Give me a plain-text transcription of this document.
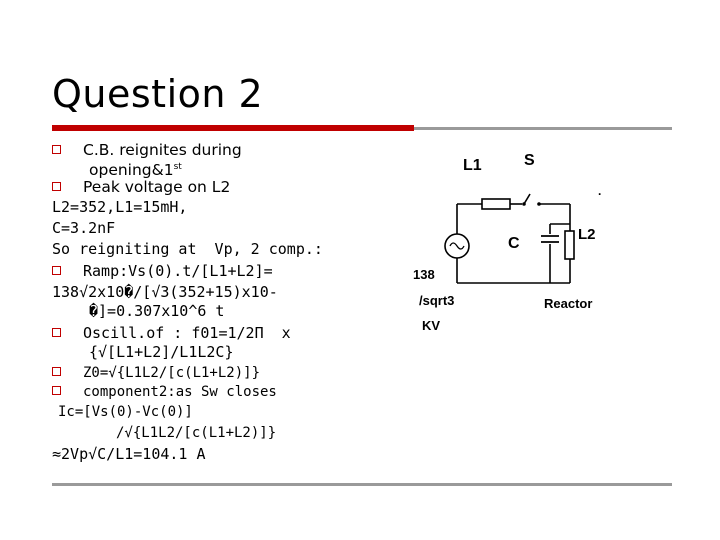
Question 2
C.B. reignites during
opening&1st
Peak voltage on L2
L2=352,L1=15mH,
C=3.2nF
So reigniting at  Vp, 2 comp.:
Ramp:Vs(0).t/[L1+L2]=
138√2x10�/[√3(352+15)x10-
�]=0.307x10^6 t
Oscill.of : f01=1/2Π  x
{√[L1+L2]/L1L2C}
Z0=√{L1L2/[c(L1+L2)]}
component2:as Sw closes
Ic=[Vs(0)-Vc(0)]
/√{L1L2/[c(L1+L2)]}
≈2Vp√C/L1=104.1 A
L1	S
.
C
L2
138
/sqrt3
KV
Reactor
